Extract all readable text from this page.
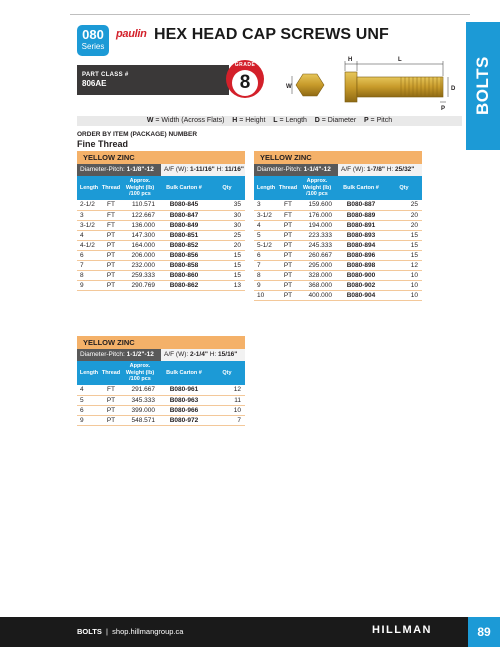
080
Series
paulin HEX HEAD CAP SCREWS UNF
BOLTS
PART CLASS #
806AE
GRADE
8
H	L
W	D
P
W = Width (Across Flats) H = Height L = Length D = Diameter P = Pitch
ORDER BY ITEM (PACKAGE) NUMBER
Fine Thread
YELLOW ZINC
Diameter-Pitch: 1-1/8"-12	A/F (W): 1-11/16" H: 11/16"
Length	Thread	Approx. Weight (lb) /100 pcs	Bulk Carton #	Qty
2-1/2	FT	110.571	B080-845	35
3	FT	122.667	B080-847	30
3-1/2	FT	136.000	B080-849	30
4	PT	147.300	B080-851	25
4-1/2	PT	164.000	B080-852	20
6	PT	206.000	B080-856	15
7	PT	232.000	B080-858	15
8	PT	259.333	B080-860	15
9	PT	290.769	B080-862	13
YELLOW ZINC
Diameter-Pitch: 1-1/4"-12	A/F (W): 1-7/8" H: 25/32"
Length	Thread	Approx. Weight (lb) /100 pcs	Bulk Carton #	Qty
3	FT	159.600	B080-887	25
3-1/2	FT	176.000	B080-889	20
4	PT	194.000	B080-891	20
5	PT	223.333	B080-893	15
5-1/2	PT	245.333	B080-894	15
6	PT	260.667	B080-896	15
7	PT	295.000	B080-898	12
8	PT	328.000	B080-900	10
9	PT	368.000	B080-902	10
10	PT	400.000	B080-904	10
YELLOW ZINC
Diameter-Pitch: 1-1/2"-12	A/F (W): 2-1/4" H: 15/16"
Length	Thread	Approx. Weight (lb) /100 pcs	Bulk Carton #	Qty
4	FT	291.667	B080-961	12
5	PT	345.333	B080-963	11
6	PT	399.000	B080-966	10
9	PT	548.571	B080-972	7
BOLTS | shop.hillmangroup.ca	HILLMAN	89
